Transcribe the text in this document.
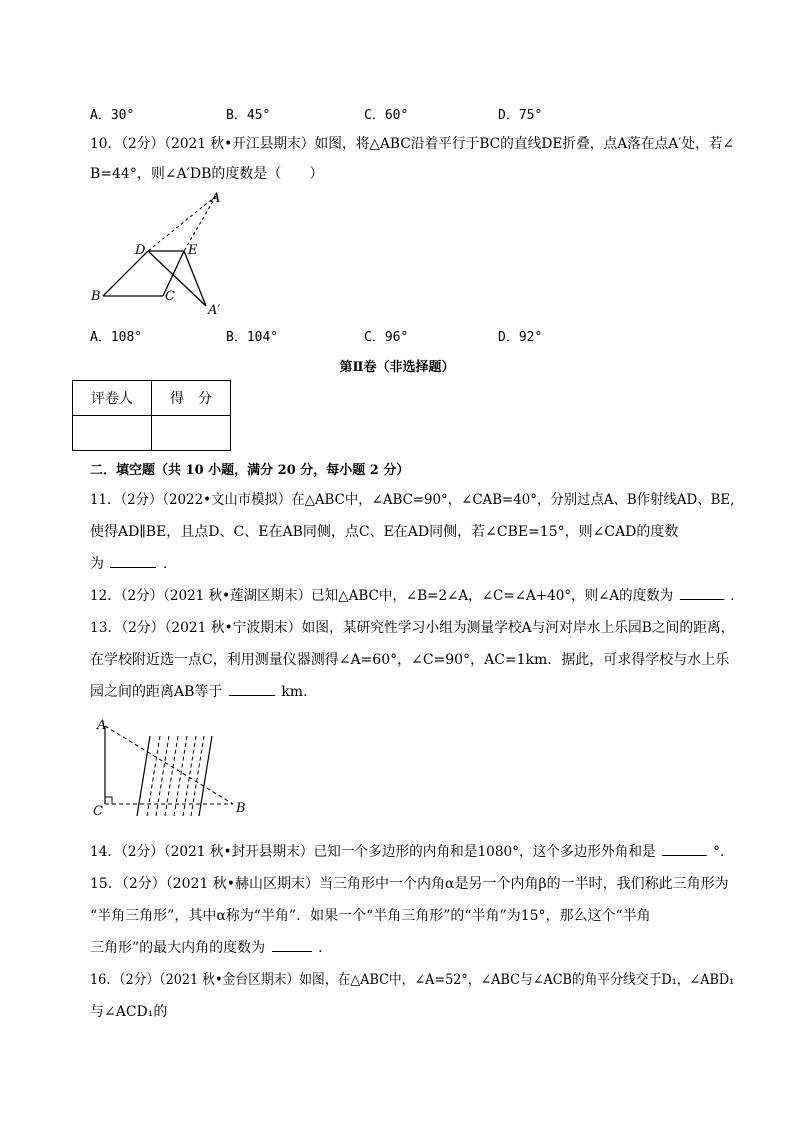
A．30°	B．45°	C．60°	D．75°
10．（2分）（2021 秋•开江县期末）如图，将△ABC沿着平行于BC的直线DE折叠，点A落在点A′处，若∠
B=44°，则∠A′DB的度数是（　　）
A
D	E
B	C
A′
A．108°	B．104°	C．96°	D．92°
第Ⅱ卷（非选择题）
评卷人	得　分

二．填空题（共 10 小题，满分 20 分，每小题 2 分）
11．（2分）（2022•文山市模拟）在△ABC中，∠ABC=90°，∠CAB=40°，分别过点A、B作射线AD、BE,
使得AD∥BE，且点D、C、E在AB同侧，点C、E在AD同侧，若∠CBE=15°，则∠CAD的度数
为	.
12．（2分）（2021 秋•莲湖区期末）已知△ABC中，∠B=2∠A，∠C=∠A+40°，则∠A的度数为	.
13．（2分）（2021 秋•宁波期末）如图，某研究性学习小组为测量学校A与河对岸水上乐园B之间的距离，
在学校附近选一点C，利用测量仪器测得∠A=60°，∠C=90°，AC=1km．据此，可求得学校与水上乐
园之间的距离AB等于	km．
A
C	B
14．（2分）（2021 秋•封开县期末）已知一个多边形的内角和是1080°，这个多边形外角和是	°．
15．（2分）（2021 秋•赫山区期末）当三角形中一个内角α是另一个内角β的一半时，我们称此三角形为
“半角三角形”，其中α称为“半角”．如果一个“半角三角形”的“半角”为15°，那么这个“半角
三角形”的最大内角的度数为	.
16．（2分）（2021 秋•金台区期末）如图，在△ABC中，∠A=52°，∠ABC与∠ACB的角平分线交于D₁，∠ABD₁
与∠ACD₁的
